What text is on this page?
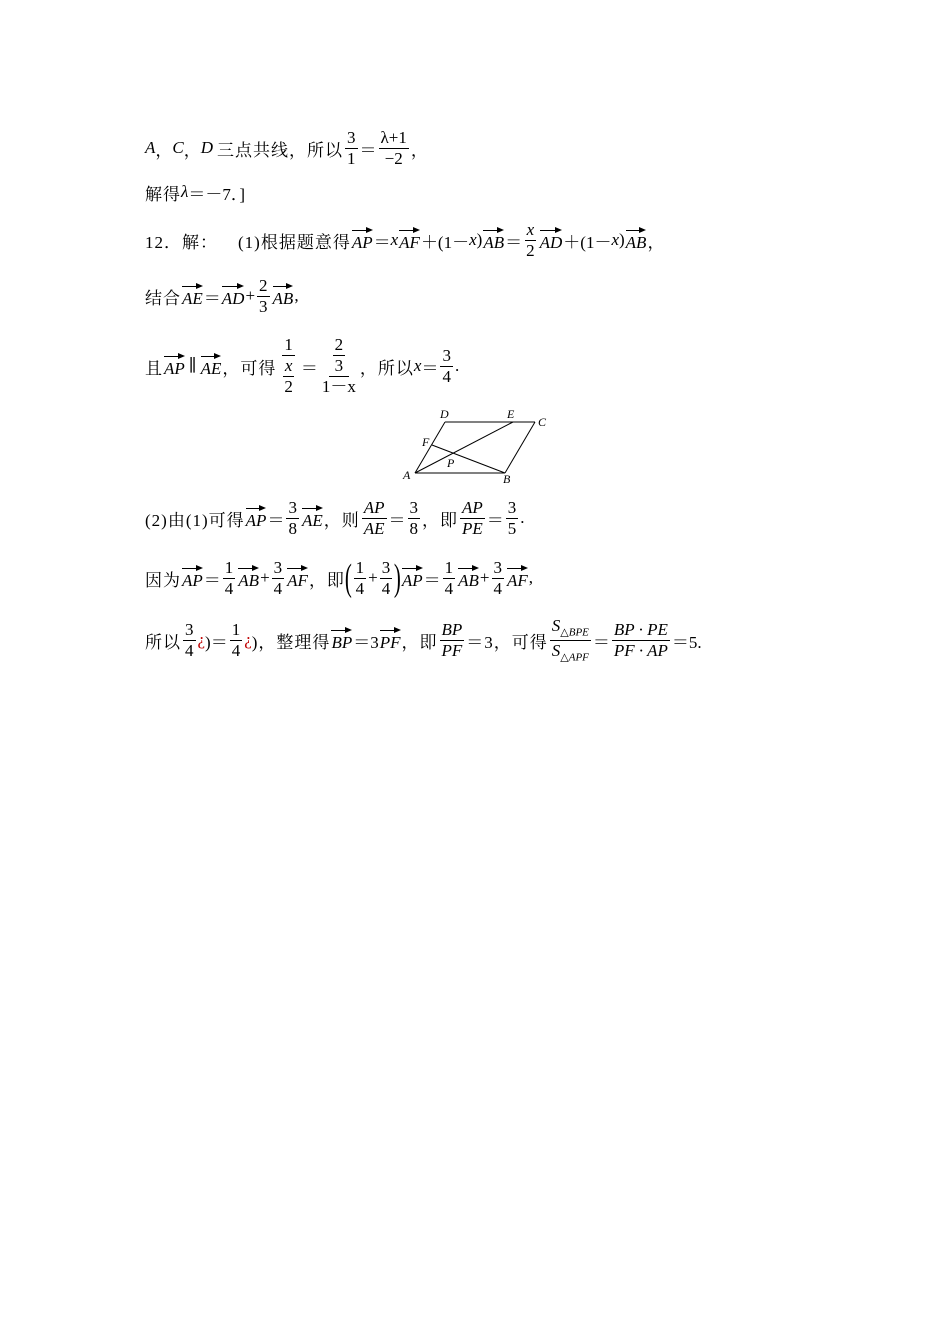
A ， C ， D 三点共线，所以 $\frac{3}{1} = \frac{\lambda+1}{-2}$ ，
解得 λ ＝－7．]
12．解： (1)根据题意得 AP ＝ x AF ＋(1－ x ) AB ＝ $\frac{x}{2}$ AD ＋(1－ x ) AB ，
结合 AE ＝ AD + $\frac{2}{3}$ AB ,
且 AP ∥ AE ，可得 $\frac{1}{\frac{x}{2}} = \frac{\frac{2}{3}}{1-x}$ ，所以 $x = \frac{3}{4}$ .
A	B
C
D	E
F
P
(2)由(1)可得 AP ＝ $\frac{3}{8}$ AE ，则 $\frac{AP}{AE} = \frac{3}{8}$ ，即 $\frac{AP}{PE} = \frac{3}{5}$ .
因为 AP ＝ $\frac{1}{4}$ AB + $\frac{3}{4}$ AF ，即 ( $\frac{1}{4} + \frac{3}{4}$ ) AP ＝ $\frac{1}{4}$ AB + $\frac{3}{4}$ AF ,
所以 $\frac{3}{4}$ ¿ )＝ $\frac{1}{4}$ ¿ )，整理得 BP ＝3 PF ，即 $\frac{BP}{PF} =3$，可得 $\frac{S_{\triangle BPE}}{S_{\triangle APF}} = \frac{BP \cdot PE}{PF \cdot AP} =5$.
